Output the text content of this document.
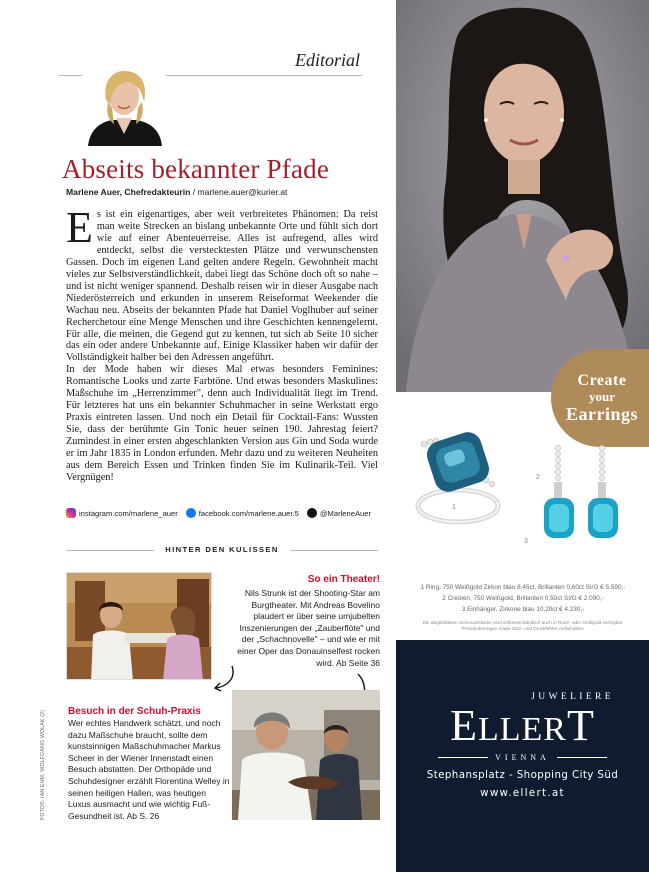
Editorial
Abseits bekannter Pfade
Marlene Auer, Chefredakteurin / marlene.auer@kurier.at
Es ist ein eigenartiges, aber weit verbreitetes Phänomen: Da reist man weite Strecken an bislang unbekannte Orte und fühlt sich dort wie auf einer Abenteuerreise. Alles ist aufregend, alles wird entdeckt, selbst die verstecktesten Plätze und verwunschensten Gassen. Doch im eigenen Land gelten andere Regeln. Gewohnheit macht vieles zur Selbstverständlichkeit, dabei liegt das Schöne doch oft so nahe – und ist nicht weniger spannend. Deshalb reisen wir in dieser Ausgabe nach Niederösterreich und erkunden in unserem Reiseformat Weekender die Wachau neu. Abseits der bekannten Pfade hat Daniel Voglhuber auf seiner Recherchetour eine Menge Menschen und ihre Geschichten kennengelernt. Für alle, die meinen, die Gegend gut zu kennen, tut sich ab Seite 10 sicher das ein oder andere Unbekannte auf. Einige Klassiker haben wir dafür der Vollständigkeit halber bei den Adressen angeführt.
In der Mode haben wir dieses Mal etwas besonders Feminines: Romantische Looks und zarte Farbtöne. Und etwas besonders Maskulines: Maßschuhe im „Herrenzimmer", denn auch Individualität liegt im Trend. Für letzteres hat uns ein bekannter Schuhmacher in seine Werkstatt ergo Praxis eintreten lassen. Und noch ein Detail für Cocktail-Fans: Wussten Sie, dass der berühmte Gin Tonic heuer seinen 190. Jahrestag feiert? Zumindest in einer ersten abgeschlankten Version aus Gin und Soda wurde er im Jahr 1835 in London erfunden. Mehr dazu und zu weiteren Neuheiten aus dem Bereich Essen und Trinken finden Sie im Kulinarik-Teil. Viel Vergnügen!
instagram.com/marlene_auer	facebook.com/marlene.auer.5	@MarleneAuer
HINTER DEN KULISSEN
So ein Theater!
Nils Strunk ist der Shooting-Star am Burgtheater. Mit Andreas Bovelino plaudert er über seine umjubelten Inszenierungen der „Zauberflöte" und der „Schachnovelle" – und wie er mit einer Oper das Donauinselfest rocken wird. Ab Seite 36
Besuch in der Schuh-Praxis
Wer echtes Handwerk schätzt, und noch dazu Maßschuhe braucht, sollte dem kunstsinnigen Maßschuhmacher Markus Scheer in der Wiener Innenstadt einen Besuch abstatten. Der Orthopäde und Schuhdesigner erzählt Florentina Welley in seinen heiligen Hallen, was heutigen Luxus ausmacht und wie wichtig Fuß-Gesundheit ist. Ab S. 26
FOTOS: IAN EHM, WOLFGANG WOLAK (2)
Create
your
Earrings
1
2
3
1 Ring, 750 Weißgold Zirkon blau 8,45ct, Brillanten 0,60ct SI/G € 5.590,-
2 Creolen, 750 Weißgold, Brillanten 0,50ct SI/G € 2.090,-
3 Einhänger, Zirkone blau 10,20ct € 4.230,-
Die abgebildeten Schmuckstücke sind selbstverständlich auch in Rosé- oder Gelbgold verfügbar. Preisänderungen sowie Satz- und Druckfehler vorbehalten.
JUWELIERE
ELLERT
VIENNA
Stephansplatz - Shopping City Süd
www.ellert.at
